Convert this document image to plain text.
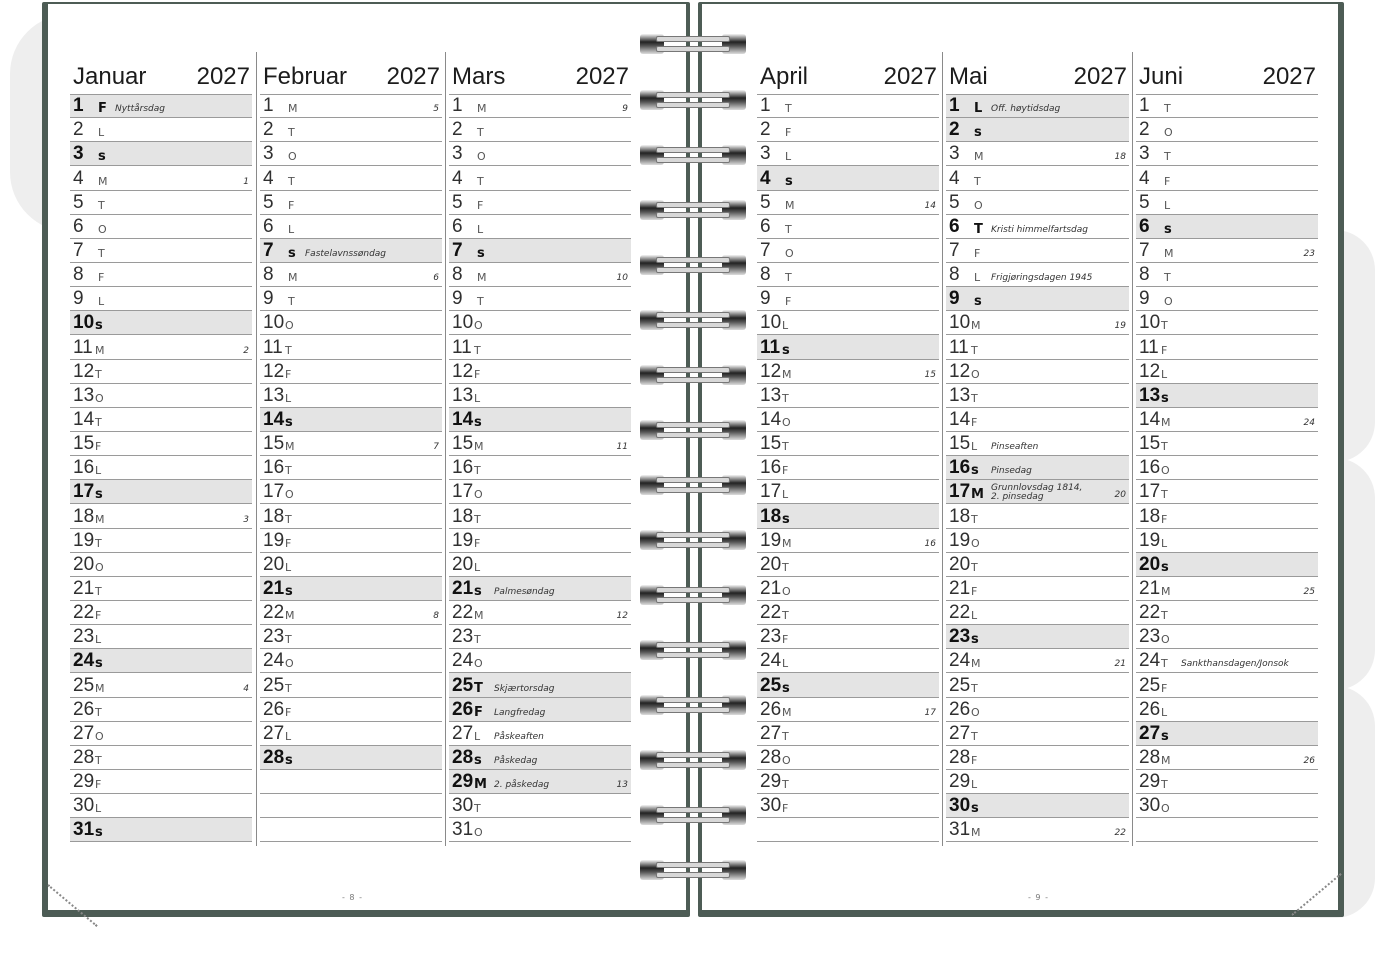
Januar 2027
1 F Nyttårsdag
2 L
3 s
4 M	1
5 T
6 O
7 T
8 F
9 L
10 s
11 M	2
12 T
13 O
14 T
15 F
16 L
17 s
18 M	3
19 T
20 O
21 T
22 F
23 L
24 s
25 M	4
26 T
27 O
28 T
29 F
30 L
31 s
Februar 2027
1 M	5
2 T
3 O
4 T
5 F
6 L
7 s Fastelavnssøndag
8 M	6
9 T
10 O
11 T
12 F
13 L
14 s
15 M	7
16 T
17 O
18 T
19 F
20 L
21 s
22 M	8
23 T
24 O
25 T
26 F
27 L
28 s
Mars	2027
1 M	9
2 T
3 O
4 T
5 F
6 L
7 s
8 M	10
9 T
10 O
11 T
12 F
13 L
14 s
15 M	11
16 T
17 O
18 T
19 F
20 L
21 s Palmesøndag
22 M	12
23 T
24 O
25 T Skjærtorsdag
26 F Langfredag
27 L Påskeaften
28 s Påskedag
29 M 2. påskedag	13
30 T
31 O
- 8 -
April	2027
1 T
2 F
3 L
4 s
5 M	14
6 T
7 O
8 T
9 F
10 L
11 s
12 M	15
13 T
14 O
15 T
16 F
17 L
18 s
19 M	16
20 T
21 O
22 T
23 F
24 L
25 s
26 M	17
27 T
28 O
29 T
30 F
Mai	2027
1 L Off. høytidsdag
2 s
3 M	18
4 T
5 O
6 T Kristi himmelfartsdag
7 F
8 L Frigjøringsdagen 1945
9 s
10 M	19
11 T
12 O
13 T
14 F
15 L Pinseaften
16 s Pinsedag
17 M Grunnlovsdag 1814,
2. pinsedag	20
18 T
19 O
20 T
21 F
22 L
23 s
24 M	21
25 T
26 O
27 T
28 F
29 L
30 s
31 M	22
Juni	2027
1 T
2 O
3 T
4 F
5 L
6 s
7 M	23
8 T
9 O
10 T
11 F
12 L
13 s
14 M	24
15 T
16 O
17 T
18 F
19 L
20 s
21 M	25
22 T
23 O
24 T Sankthansdagen/Jonsok
25 F
26 L
27 s
28 M	26
29 T
30 O
- 9 -
